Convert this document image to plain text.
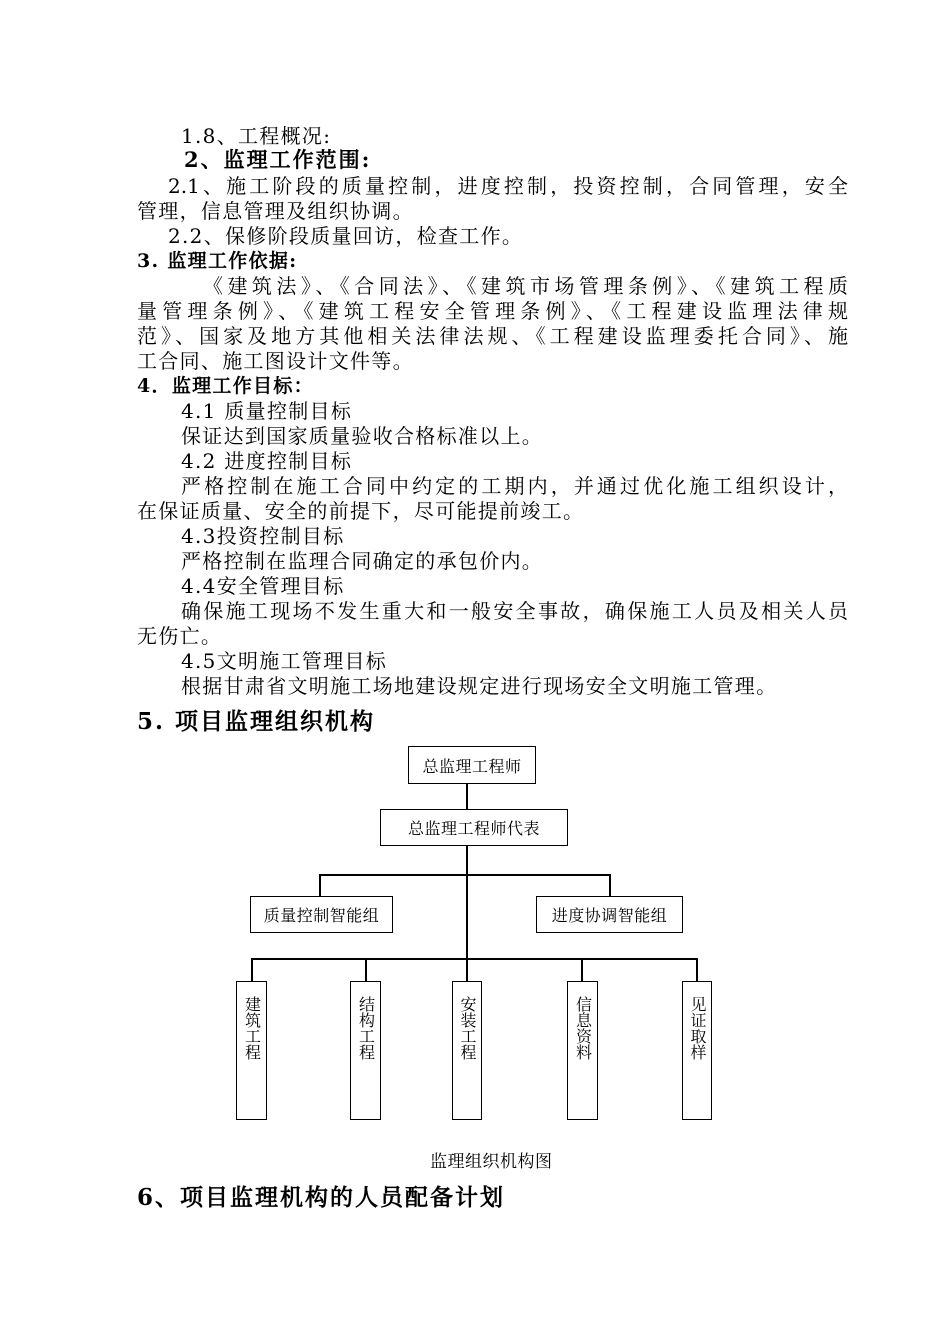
1.8、工程概况:
2、监理工作范围:
2.1、施工阶段的质量控制，进度控制，投资控制，合同管理，安全
管理，信息管理及组织协调。
2.2、保修阶段质量回访，检查工作。
3. 监理工作依据:
《建筑法》、《合同法》、《建筑市场管理条例》、《建筑工程质
量管理条例》、《建筑工程安全管理条例》、《工程建设监理法律规
范》、国家及地方其他相关法律法规、《工程建设监理委托合同》、施
工合同、施工图设计文件等。
4．监理工作目标：
4.1 质量控制目标
保证达到国家质量验收合格标准以上。
4.2 进度控制目标
严格控制在施工合同中约定的工期内，并通过优化施工组织设计，
在保证质量、安全的前提下，尽可能提前竣工。
4.3投资控制目标
严格控制在监理合同确定的承包价内。
4.4安全管理目标
确保施工现场不发生重大和一般安全事故，确保施工人员及相关人员
无伤亡。
4.5文明施工管理目标
根据甘肃省文明施工场地建设规定进行现场安全文明施工管理。
5. 项目监理组织机构
总监理工程师
总监理工程师代表
质量控制智能组	进度协调智能组
建筑工程	结构工程	安装工程	信息资料	见证取样
监理组织机构图
6、项目监理机构的人员配备计划
